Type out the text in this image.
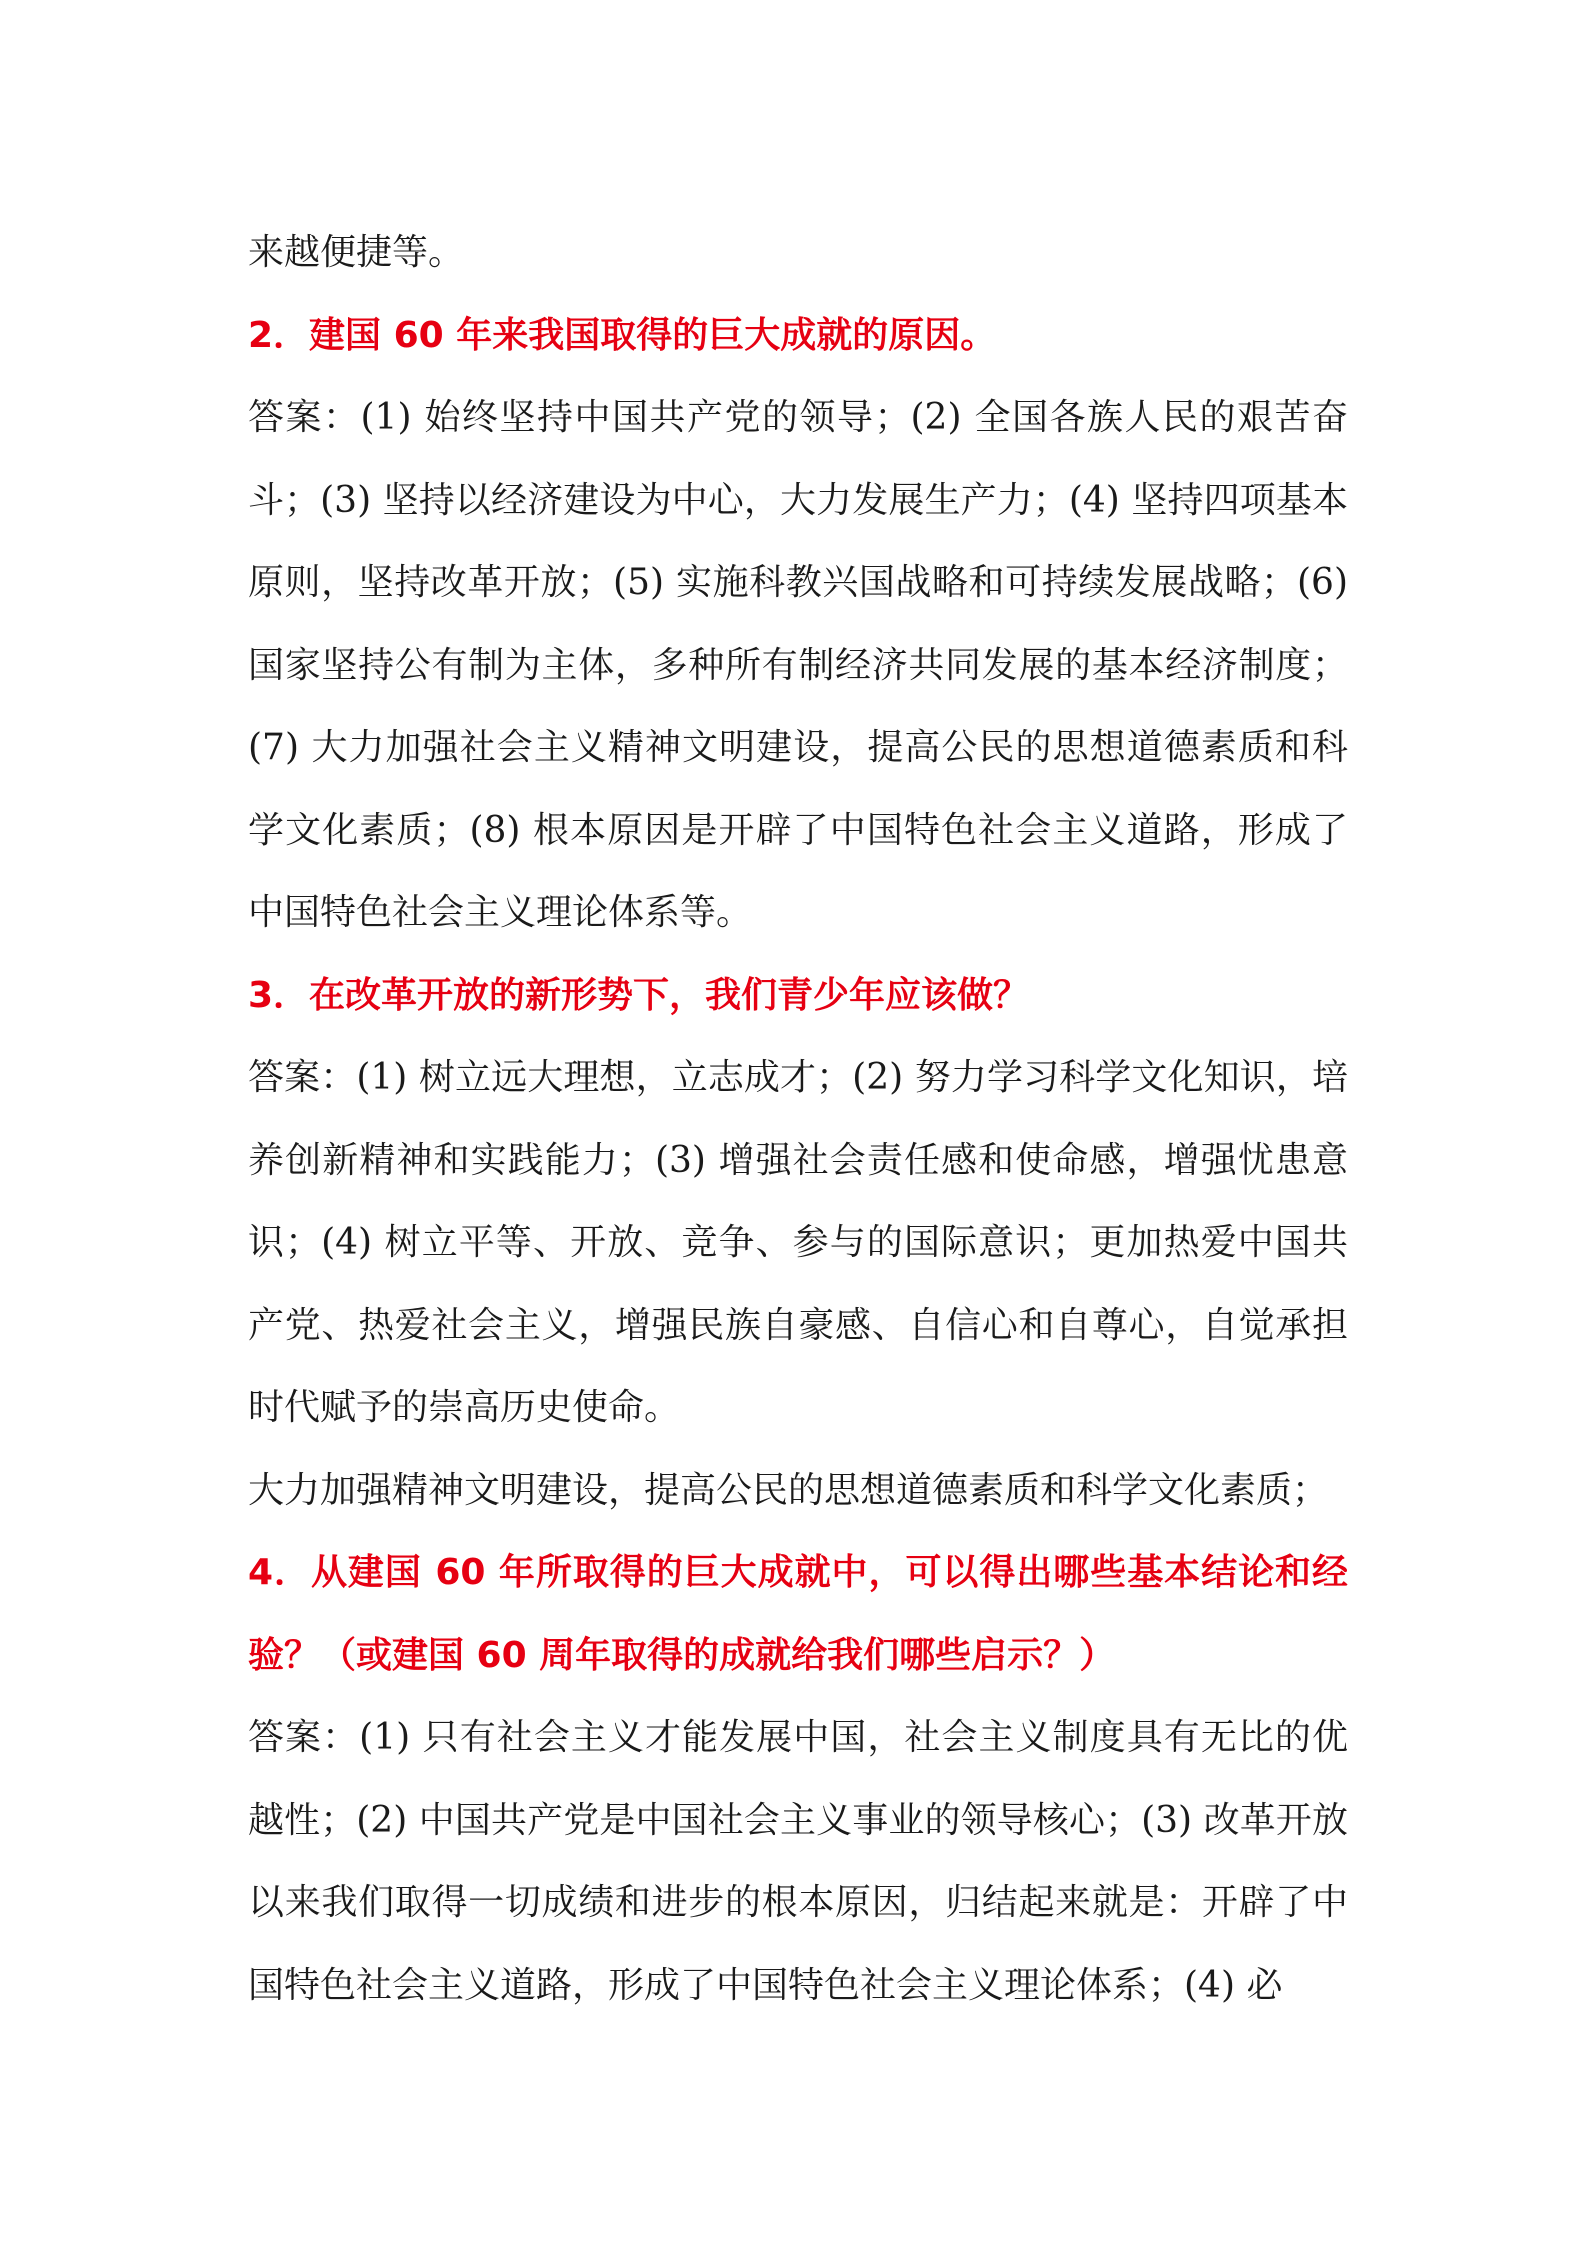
来越便捷等。

2．建国 60 年来我国取得的巨大成就的原因。

答案：(1) 始终坚持中国共产党的领导；(2) 全国各族人民的艰苦奋斗；(3) 坚持以经济建设为中心，大力发展生产力；(4) 坚持四项基本原则，坚持改革开放；(5) 实施科教兴国战略和可持续发展战略；(6) 国家坚持公有制为主体，多种所有制经济共同发展的基本经济制度；(7) 大力加强社会主义精神文明建设，提高公民的思想道德素质和科学文化素质；(8) 根本原因是开辟了中国特色社会主义道路，形成了中国特色社会主义理论体系等。

3．在改革开放的新形势下，我们青少年应该做？

答案：(1) 树立远大理想，立志成才；(2) 努力学习科学文化知识，培养创新精神和实践能力；(3) 增强社会责任感和使命感，增强忧患意识；(4) 树立平等、开放、竞争、参与的国际意识；更加热爱中国共产党、热爱社会主义，增强民族自豪感、自信心和自尊心，自觉承担时代赋予的崇高历史使命。

大力加强精神文明建设，提高公民的思想道德素质和科学文化素质；

4．从建国 60 年所取得的巨大成就中，可以得出哪些基本结论和经验？（或建国 60 周年取得的成就给我们哪些启示？）

答案：(1) 只有社会主义才能发展中国，社会主义制度具有无比的优越性；(2) 中国共产党是中国社会主义事业的领导核心；(3) 改革开放以来我们取得一切成绩和进步的根本原因，归结起来就是：开辟了中国特色社会主义道路，形成了中国特色社会主义理论体系；(4) 必
